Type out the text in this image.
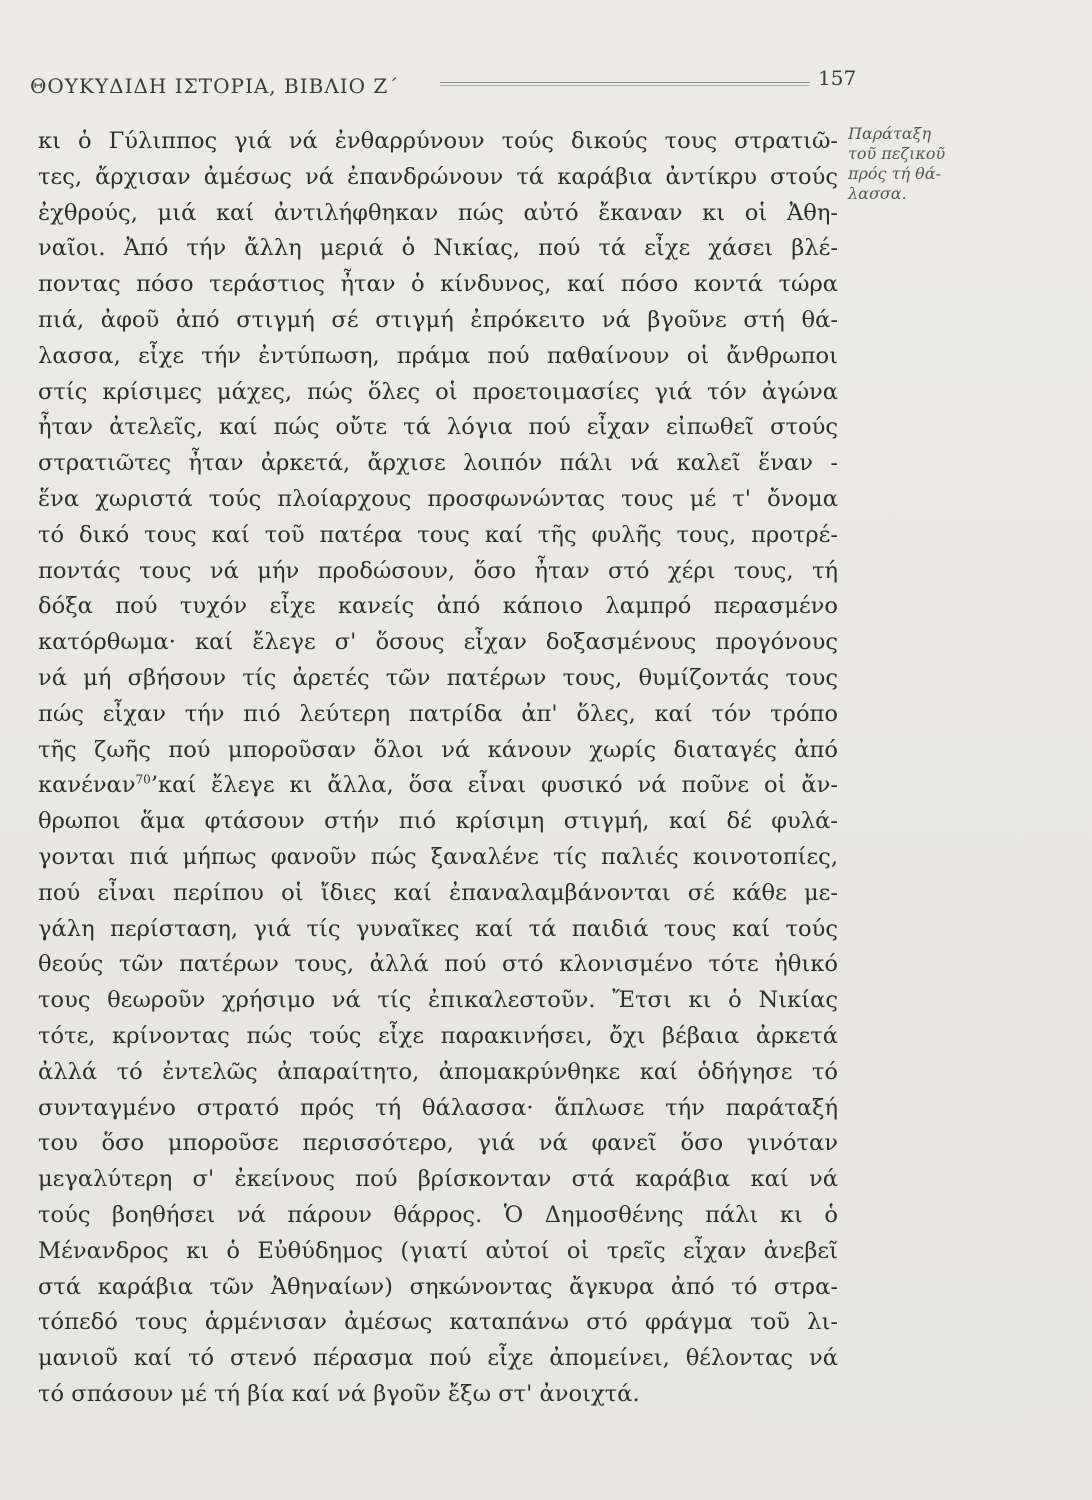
ΘΟΥΚΥΔΙΔΗ ΙΣΤΟΡΙΑ, ΒΙΒΛΙΟ Ζ΄	157
κι ὁ Γύλιππος γιά νά ἐνθαρρύνουν τούς δικούς τους στρατιῶ-
τες, ἄρχισαν ἀμέσως νά ἐπανδρώνουν τά καράβια ἀντίκρυ στούς
ἐχθρούς, μιά καί ἀντιλήφθηκαν πώς αὐτό ἔκαναν κι οἱ Ἀθη-
ναῖοι. Ἀπό τήν ἄλλη μεριά ὁ Νικίας, πού τά εἶχε χάσει βλέ-
ποντας πόσο τεράστιος ἦταν ὁ κίνδυνος, καί πόσο κοντά τώρα
πιά, ἀφοῦ ἀπό στιγμή σέ στιγμή ἐπρόκειτο νά βγοῦνε στή θά-
λασσα, εἶχε τήν ἐντύπωση, πράμα πού παθαίνουν οἱ ἄνθρωποι
στίς κρίσιμες μάχες, πώς ὅλες οἱ προετοιμασίες γιά τόν ἀγώνα
ἦταν ἀτελεῖς, καί πώς οὔτε τά λόγια πού εἶχαν εἰπωθεῖ στούς
στρατιῶτες ἦταν ἀρκετά, ἄρχισε λοιπόν πάλι νά καλεῖ ἕναν -
ἕνα χωριστά τούς πλοίαρχους προσφωνώντας τους μέ τ' ὄνομα
τό δικό τους καί τοῦ πατέρα τους καί τῆς φυλῆς τους, προτρέ-
ποντάς τους νά μήν προδώσουν, ὅσο ἦταν στό χέρι τους, τή
δόξα πού τυχόν εἶχε κανείς ἀπό κάποιο λαμπρό περασμένο
κατόρθωμα· καί ἔλεγε σ' ὅσους εἶχαν δοξασμένους προγόνους
νά μή σβήσουν τίς ἀρετές τῶν πατέρων τους, θυμίζοντάς τους
πώς εἶχαν τήν πιό λεύτερη πατρίδα ἀπ' ὅλες, καί τόν τρόπο
τῆς ζωῆς πού μποροῦσαν ὅλοι νά κάνουν χωρίς διαταγές ἀπό
κανέναν$^{70}$’καί ἔλεγε κι ἄλλα, ὅσα εἶναι φυσικό νά ποῦνε οἱ ἄν-
θρωποι ἅμα φτάσουν στήν πιό κρίσιμη στιγμή, καί δέ φυλά-
γονται πιά μήπως φανοῦν πώς ξαναλένε τίς παλιές κοινοτοπίες,
πού εἶναι περίπου οἱ ἴδιες καί ἐπαναλαμβάνονται σέ κάθε με-
γάλη περίσταση, γιά τίς γυναῖκες καί τά παιδιά τους καί τούς
θεούς τῶν πατέρων τους, ἀλλά πού στό κλονισμένο τότε ἠθικό
τους θεωροῦν χρήσιμο νά τίς ἐπικαλεστοῦν. Ἔτσι κι ὁ Νικίας
τότε, κρίνοντας πώς τούς εἶχε παρακινήσει, ὄχι βέβαια ἀρκετά
ἀλλά τό ἐντελῶς ἀπαραίτητο, ἀπομακρύνθηκε καί ὁδήγησε τό
συνταγμένο στρατό πρός τή θάλασσα· ἅπλωσε τήν παράταξή
του ὅσο μποροῦσε περισσότερο, γιά νά φανεῖ ὅσο γινόταν
μεγαλύτερη σ' ἐκείνους πού βρίσκονταν στά καράβια καί νά
τούς βοηθήσει νά πάρουν θάρρος. Ὁ Δημοσθένης πάλι κι ὁ
Μένανδρος κι ὁ Εὐθύδημος (γιατί αὐτοί οἱ τρεῖς εἶχαν ἀνεβεῖ
στά καράβια τῶν Ἀθηναίων) σηκώνοντας ἄγκυρα ἀπό τό στρα-
τόπεδό τους ἁρμένισαν ἀμέσως καταπάνω στό φράγμα τοῦ λι-
μανιοῦ καί τό στενό πέρασμα πού εἶχε ἀπομείνει, θέλοντας νά
τό σπάσουν μέ τή βία καί νά βγοῦν ἔξω στ' ἀνοιχτά.
Παράταξη
τοῦ πεζικοῦ
πρός τή θά-
λασσα.
